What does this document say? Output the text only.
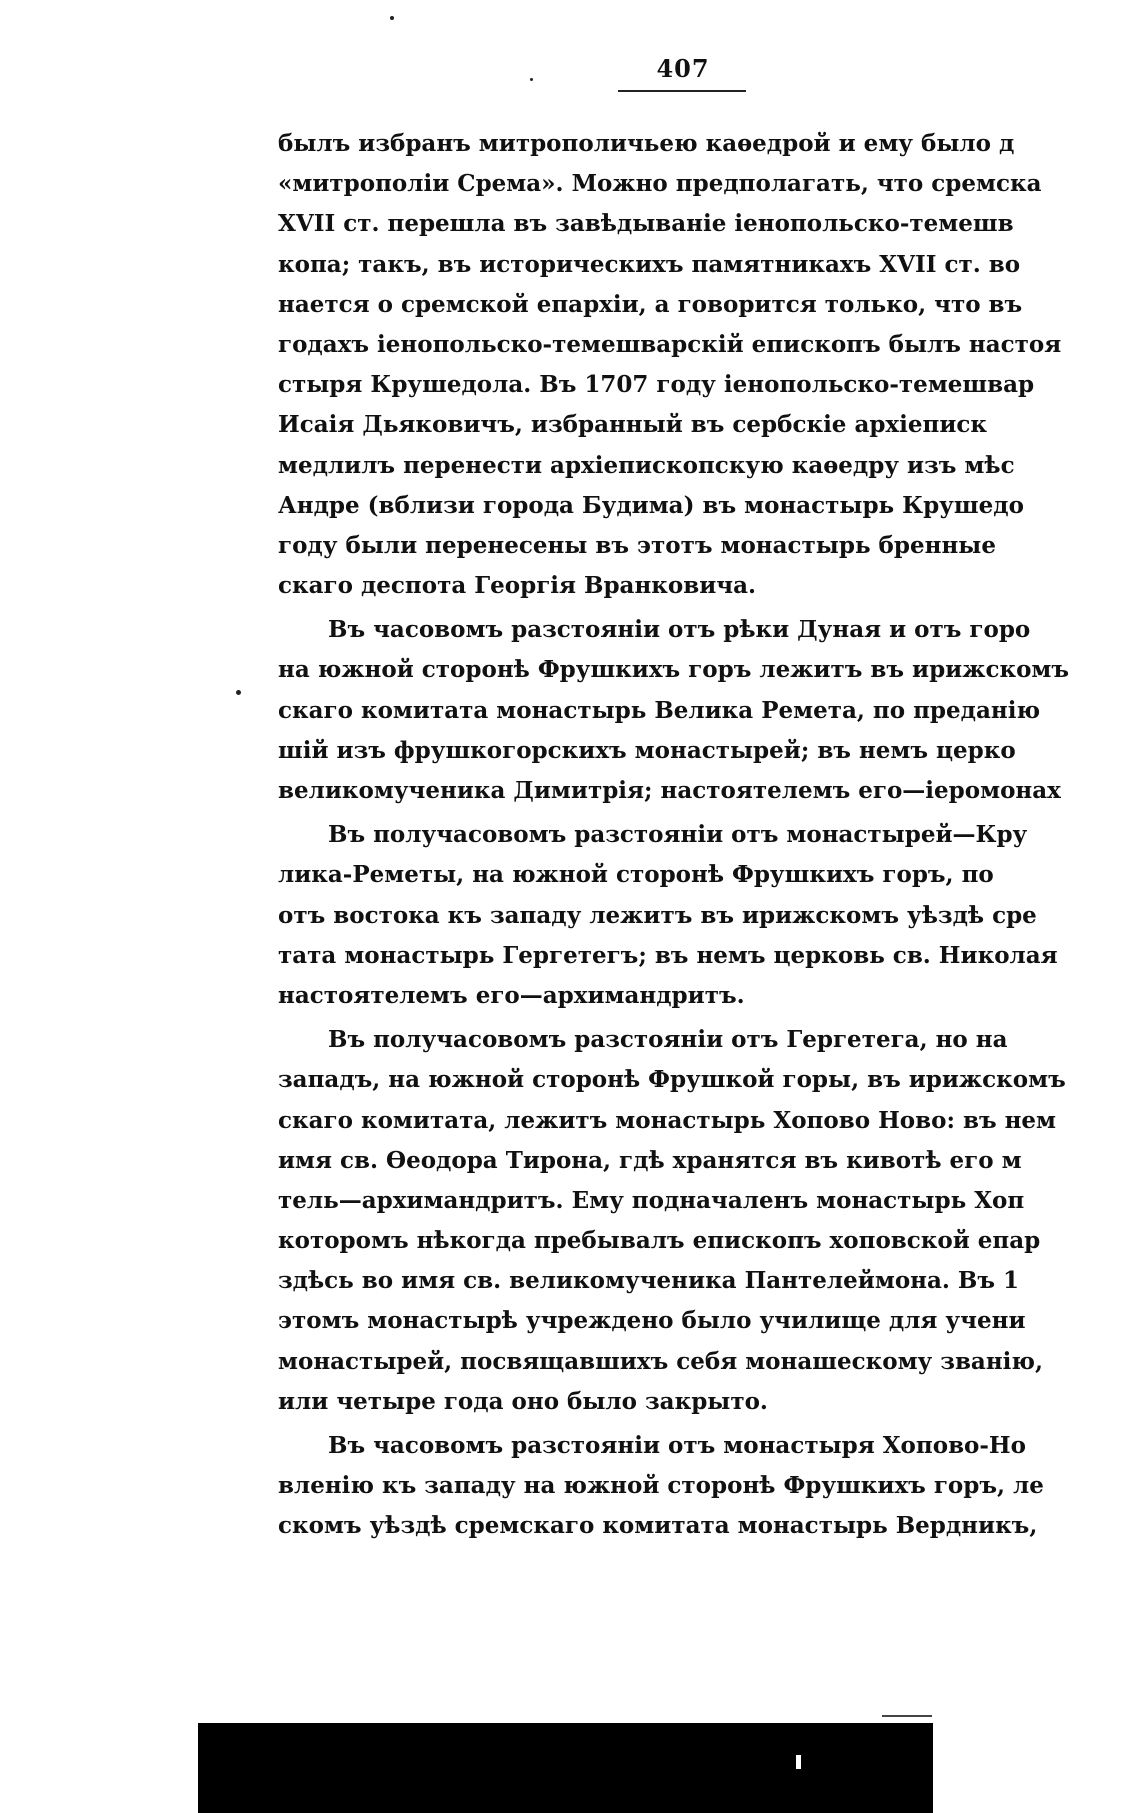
407
былъ избранъ митрополичьею каѳедрой и ему было д
«митрополіи Срема». Можно предполагать, что сремска
XVII ст. перешла въ завѣдываніе іенопольско-темешв
копа; такъ, въ историческихъ памятникахъ XVII ст. во
нается о сремской епархіи, а говорится только, что въ
годахъ іенопольско-темешварскій епископъ былъ настоя
стыря Крушедола. Въ 1707 году іенопольско-темешвар
Исаія Дьяковичъ, избранный въ сербскіе архіеписк
медлилъ перенести архіепископскую каѳедру изъ мѣс
Андре (вблизи города Будима) въ монастырь Крушедо
году были перенесены въ этотъ монастырь бренные
скаго деспота Георгія Вранковича.
Въ часовомъ разстояніи отъ рѣки Дуная и отъ горо
на южной сторонѣ Фрушкихъ горъ лежитъ въ ирижскомъ
скаго комитата монастырь Велика Ремета, по преданію
шій изъ фрушкогорскихъ монастырей; въ немъ церко
великомученика Димитрія; настоятелемъ его—іеромонах
Въ получасовомъ разстояніи отъ монастырей—Кру
лика-Реметы, на южной сторонѣ Фрушкихъ горъ, по
отъ востока къ западу лежитъ въ ирижскомъ уѣздѣ сре
тата монастырь Гергетегъ; въ немъ церковь св. Николая
настоятелемъ его—архимандритъ.
Въ получасовомъ разстояніи отъ Гергетега, но на
западъ, на южной сторонѣ Фрушкой горы, въ ирижскомъ
скаго комитата, лежитъ монастырь Хопово Ново: въ нем
имя св. Ѳеодора Тирона, гдѣ хранятся въ кивотѣ его м
тель—архимандритъ. Ему подначаленъ монастырь Хоп
которомъ нѣкогда пребывалъ епископъ хоповской епар
здѣсь во имя св. великомученика Пантелеймона. Въ 1
этомъ монастырѣ учреждено было училище для учени
монастырей, посвящавшихъ себя монашескому званію,
или четыре года оно было закрыто.
Въ часовомъ разстояніи отъ монастыря Хопово-Но
вленію къ западу на южной сторонѣ Фрушкихъ горъ, ле
скомъ уѣздѣ сремскаго комитата монастырь Вердникъ,
